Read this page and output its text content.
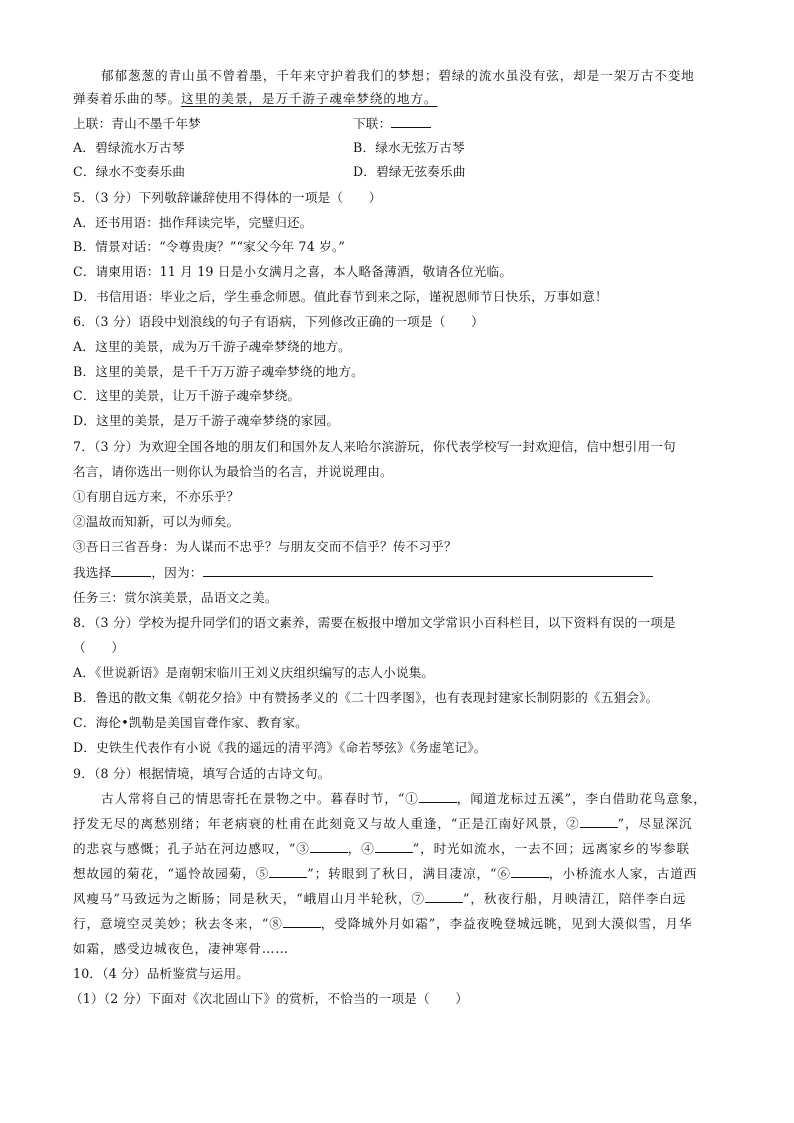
郁郁葱葱的青山虽不曾着墨，千年来守护着我们的梦想；碧绿的流水虽没有弦，却是一架万古不变地
弹奏着乐曲的琴。这里的美景，是万千游子魂牵梦绕的地方。
上联：青山不墨千年梦	下联：
A．碧绿流水万古琴	B．绿水无弦万古琴
C．绿水不变奏乐曲	D．碧绿无弦奏乐曲
5．（3 分）下列敬辞谦辞使用不得体的一项是（　　）
A．还书用语：拙作拜读完毕，完璧归还。
B．情景对话：“令尊贵庚？”“家父今年 74 岁。”
C．请柬用语：11 月 19 日是小女满月之喜，本人略备薄酒，敬请各位光临。
D．书信用语：毕业之后，学生垂念师恩。值此春节到来之际，谨祝恩师节日快乐，万事如意！
6．（3 分）语段中划浪线的句子有语病，下列修改正确的一项是（　　）
A．这里的美景，成为万千游子魂牵梦绕的地方。
B．这里的美景，是千千万万游子魂牵梦绕的地方。
C．这里的美景，让万千游子魂牵梦绕。
D．这里的美景，是万千游子魂牵梦绕的家园。
7．（3 分）为欢迎全国各地的朋友们和国外友人来哈尔滨游玩，你代表学校写一封欢迎信，信中想引用一句
名言，请你选出一则你认为最恰当的名言，并说说理由。
①有朋自远方来，不亦乐乎？
②温故而知新，可以为师矣。
③吾日三省吾身：为人谋而不忠乎？与朋友交而不信乎？传不习乎？
我选择	，因为：
任务三：赏尔滨美景，品语文之美。
8．（3 分）学校为提升同学们的语文素养，需要在板报中增加文学常识小百科栏目，以下资料有误的一项是
（　　）
A．《世说新语》是南朝宋临川王刘义庆组织编写的志人小说集。
B．鲁迅的散文集《朝花夕拾》中有赞扬孝义的《二十四孝图》，也有表现封建家长制阴影的《五猖会》。
C．海伦•凯勒是美国盲聋作家、教育家。
D．史铁生代表作有小说《我的遥远的清平湾》《命若琴弦》《务虚笔记》。
9．（8 分）根据情境，填写合适的古诗文句。
古人常将自己的情思寄托在景物之中。暮春时节，“①	，闻道龙标过五溪”，李白借助花鸟意象，
抒发无尽的离愁别绪；年老病衰的杜甫在此刻竟又与故人重逢，“正是江南好风景，②	”，尽显深沉
的悲哀与感慨；孔子站在河边感叹，“③	，④	”，时光如流水，一去不回；远离家乡的岑参联
想故园的菊花，“遥怜故园菊，⑤	”；转眼到了秋日，满目凄凉，“⑥	，小桥流水人家，古道西
风瘦马”马致远为之断肠；同是秋天，“峨眉山月半轮秋，⑦	”，秋夜行船，月映清江，陪伴李白远
行，意境空灵美妙；秋去冬来，“⑧	，受降城外月如霜”，李益夜晚登城远眺，见到大漠似雪，月华
如霜，感受边城夜色，凄神寒骨……
10．（4 分）品析鉴赏与运用。
（1）（2 分）下面对《次北固山下》的赏析，不恰当的一项是（　　）
